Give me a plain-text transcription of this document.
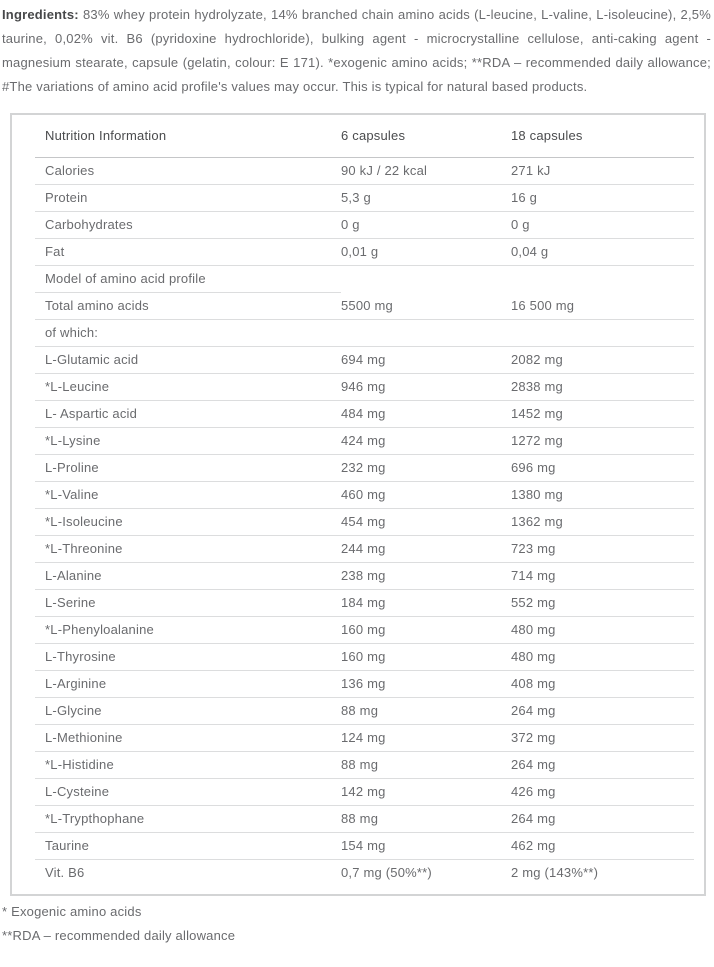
Ingredients: 83% whey protein hydrolyzate, 14% branched chain amino acids (L-leucine, L-valine, L-isoleucine), 2,5% taurine, 0,02% vit. B6 (pyridoxine hydrochloride), bulking agent - microcrystalline cellulose, anti-caking agent - magnesium stearate, capsule (gelatin, colour: E 171). *exogenic amino acids; **RDA – recommended daily allowance; #The variations of amino acid profile's values may occur. This is typical for natural based products.

Nutrition Information	6 capsules	18 capsules
Calories	90 kJ / 22 kcal	271 kJ
Protein	5,3 g	16 g
Carbohydrates	0 g	0 g
Fat	0,01 g	0,04 g
Model of amino acid profile		
Total amino acids	5500 mg	16 500 mg
of which:		
L-Glutamic acid	694 mg	2082 mg
*L-Leucine	946 mg	2838 mg
L- Aspartic acid	484 mg	1452 mg
*L-Lysine	424 mg	1272 mg
L-Proline	232 mg	696 mg
*L-Valine	460 mg	1380 mg
*L-Isoleucine	454 mg	1362 mg
*L-Threonine	244 mg	723 mg
L-Alanine	238 mg	714 mg
L-Serine	184 mg	552 mg
*L-Phenyloalanine	160 mg	480 mg
L-Thyrosine	160 mg	480 mg
L-Arginine	136 mg	408 mg
L-Glycine	88 mg	264 mg
L-Methionine	124 mg	372 mg
*L-Histidine	88 mg	264 mg
L-Cysteine	142 mg	426 mg
*L-Trypthophane	88 mg	264 mg
Taurine	154 mg	462 mg
Vit. B6	0,7 mg (50%**)	2 mg (143%**)
* Exogenic amino acids
**RDA – recommended daily allowance
